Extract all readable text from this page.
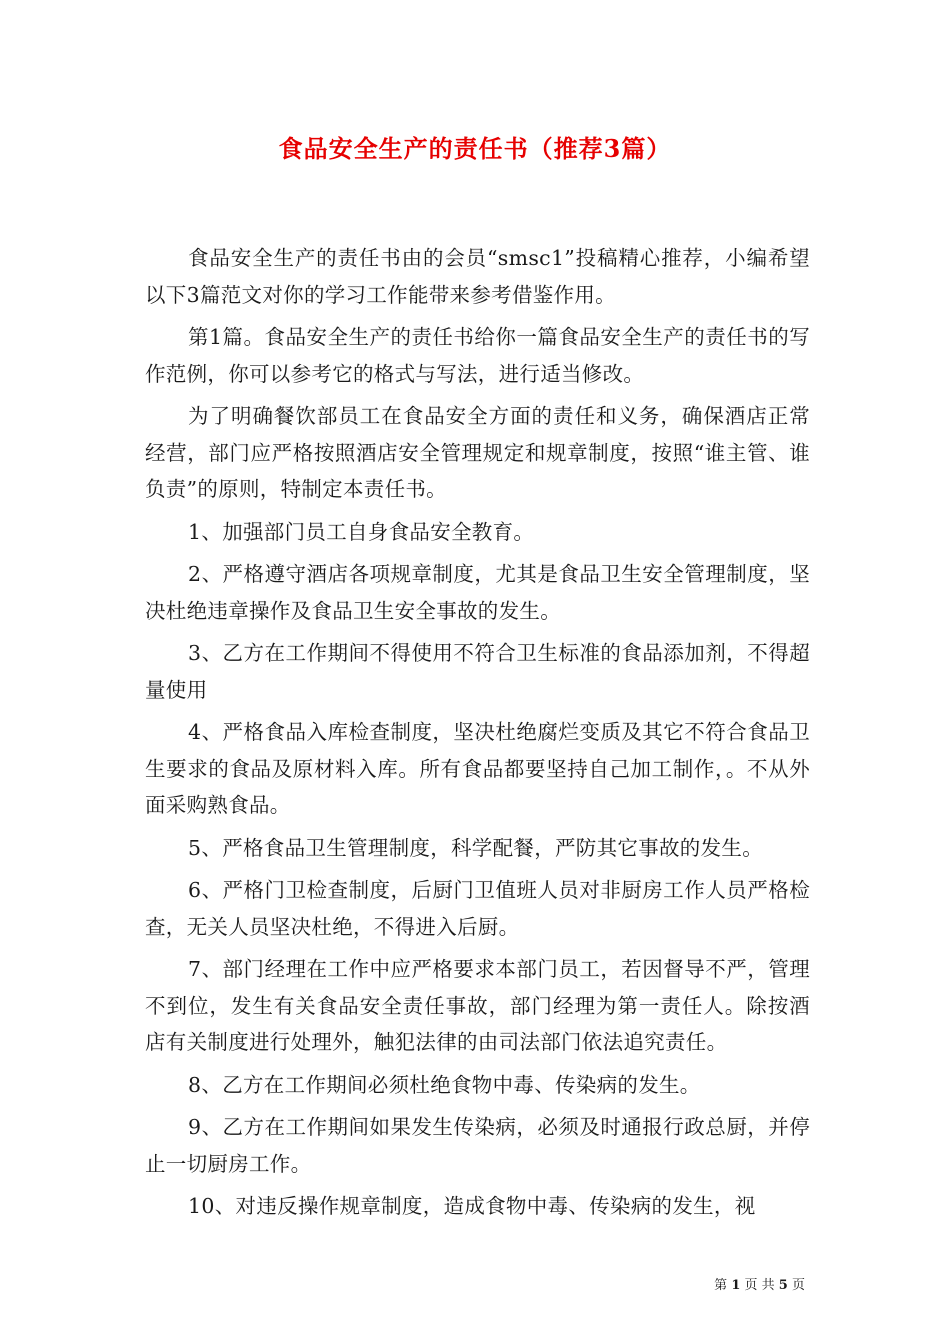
食品安全生产的责任书（推荐3篇）

食品安全生产的责任书由的会员“smsc1”投稿精心推荐，小编希望以下3篇范文对你的学习工作能带来参考借鉴作用。

第1篇。食品安全生产的责任书给你一篇食品安全生产的责任书的写作范例，你可以参考它的格式与写法，进行适当修改。

为了明确餐饮部员工在食品安全方面的责任和义务，确保酒店正常经营，部门应严格按照酒店安全管理规定和规章制度，按照“谁主管、谁负责”的原则，特制定本责任书。

1、加强部门员工自身食品安全教育。

2、严格遵守酒店各项规章制度，尤其是食品卫生安全管理制度，坚决杜绝违章操作及食品卫生安全事故的发生。

3、乙方在工作期间不得使用不符合卫生标准的食品添加剂，不得超量使用

4、严格食品入库检查制度，坚决杜绝腐烂变质及其它不符合食品卫生要求的食品及原材料入库。所有食品都要坚持自己加工制作，。不从外面采购熟食品。

5、严格食品卫生管理制度，科学配餐，严防其它事故的发生。

6、严格门卫检查制度，后厨门卫值班人员对非厨房工作人员严格检查，无关人员坚决杜绝，不得进入后厨。

7、部门经理在工作中应严格要求本部门员工，若因督导不严，管理不到位，发生有关食品安全责任事故，部门经理为第一责任人。除按酒店有关制度进行处理外，触犯法律的由司法部门依法追究责任。

8、乙方在工作期间必须杜绝食物中毒、传染病的发生。

9、乙方在工作期间如果发生传染病，必须及时通报行政总厨，并停止一切厨房工作。

10、对违反操作规章制度，造成食物中毒、传染病的发生，视

第 1 页 共 5 页
